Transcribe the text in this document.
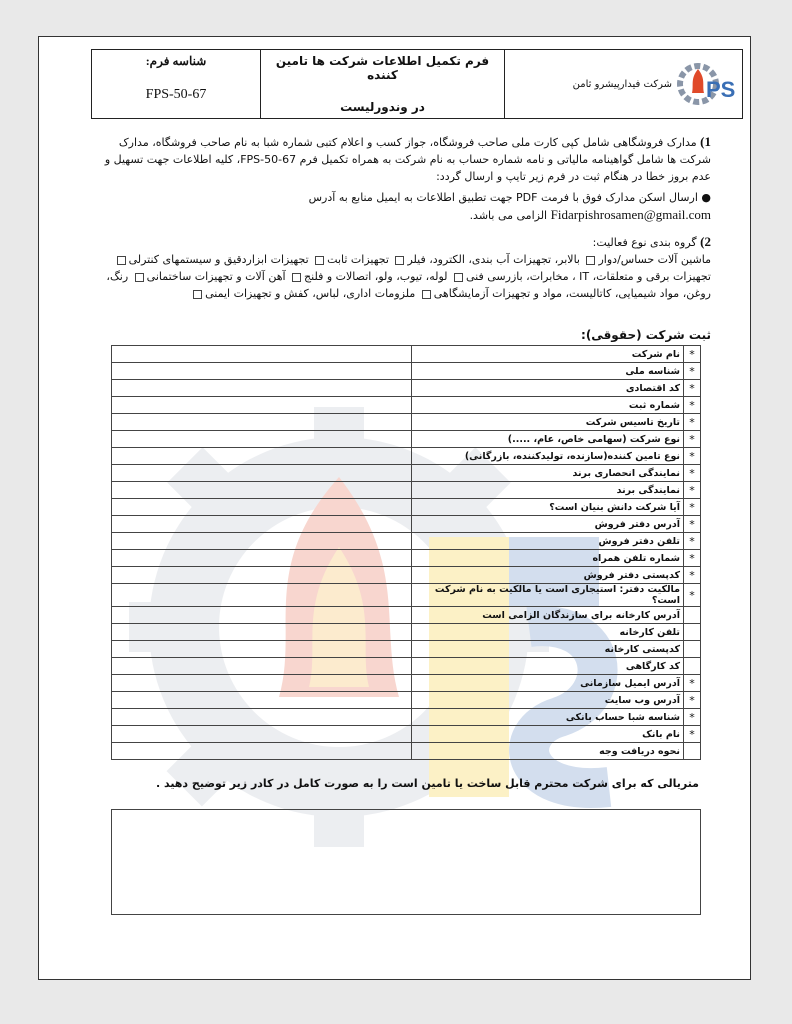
شناسه فرم:
FPS-50-67
فرم تکمیل اطلاعات شرکت ها تامین کننده
در وندورلیست
شرکت فیدارپیشرو ثامن PS
1) مدارک فروشگاهی شامل کپی کارت ملی صاحب فروشگاه، جواز کسب و اعلام کتبی شماره شبا به نام صاحب فروشگاه، مدارک شرکت ها شامل گواهینامه مالیاتی و نامه شماره حساب به نام شرکت به همراه تکمیل فرم FPS-50-67، کلیه اطلاعات جهت تسهیل و عدم بروز خطا در هنگام ثبت در فرم زیر تایپ و ارسال گردد:
● ارسال اسکن مدارک فوق با فرمت PDF جهت تطبیق اطلاعات به ایمیل منابع به آدرس
Fidarpishrosamen@gmail.com الزامی می باشد.
2) گروه بندی نوع فعالیت:
ماشین آلات حساس/دوار بالابر، تجهیزات آب بندی، الکترود، فیلر تجهیزات ثابت تجهیزات ابزاردقیق و سیستمهای کنترلی تجهیزات برقی و متعلقات، IT ، مخابرات، بازرسی فنی لوله، تیوب، ولو، اتصالات و فلنج آهن آلات و تجهیزات ساختمانی رنگ، روغن، مواد شیمیایی، کاتالیست، مواد و تجهیزات آزمایشگاهی ملزومات اداری، لباس، کفش و تجهیزات ایمنی
ثبت شرکت (حقوقی):
*	نام شرکت	
*	شناسه ملی	
*	کد اقتصادی	
*	شماره ثبت	
*	تاریخ تاسیس شرکت	
*	نوع شرکت (سهامی خاص، عام، .....)	
*	نوع تامین کننده(سازنده، تولیدکننده، بازرگانی)	
*	نمایندگی انحصاری برند	
*	نمایندگی برند	
*	آیا شرکت دانش بنیان است؟	
*	آدرس دفتر فروش	
*	تلفن دفتر فروش	
*	شماره تلفن همراه	
*	کدپستی دفتر فروش	
*	مالکیت دفتر: استیجاری است یا مالکیت به نام شرکت است؟	
	آدرس کارخانه برای سازندگان الزامی است	
	تلفن کارخانه	
	کدپستی کارخانه	
	کد کارگاهی	
*	آدرس ایمیل سازمانی	
*	آدرس وب سایت	
*	شناسه شبا حساب بانکی	
*	نام بانک	
	نحوه دریافت وجه	
متریالی که برای شرکت محترم قابل ساخت یا تامین است را به صورت کامل در کادر زیر توضیح دهید .
